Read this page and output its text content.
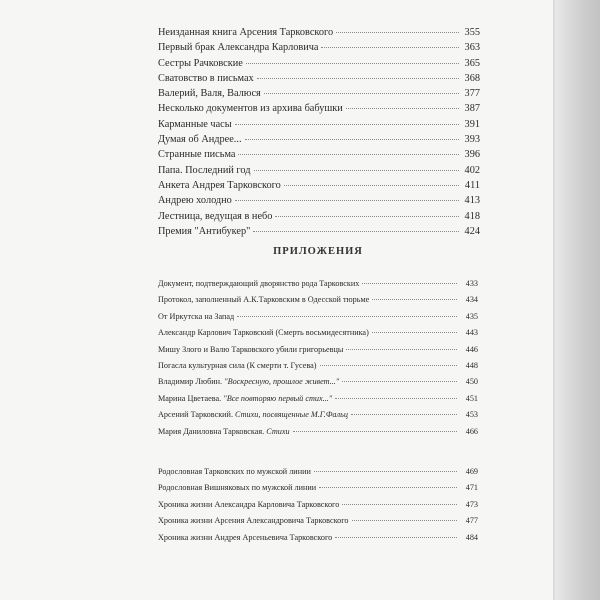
Неизданная книга Арсения Тарковского	355
Первый брак Александра Карловича	363
Сестры Рачковские	365
Сватовство в письмах	368
Валерий, Валя, Валюся	377
Несколько документов из архива бабушки	387
Карманные часы	391
Думая об Андрее...	393
Странные письма	396
Папа. Последний год	402
Анкета Андрея Тарковского	411
Андрею холодно	413
Лестница, ведущая в небо	418
Премия "Антибукер"	424
ПРИЛОЖЕНИЯ
Документ, подтверждающий дворянство рода Тарковских	433
Протокол, заполненный А.К.Тарковским в Одесской тюрьме	434
От Иркутска на Запад	435
Александр Карлович Тарковский (Смерть восьмидесятника)	443
Мишу Злого и Валю Тарковского убили григорьевцы	446
Погасла культурная сила (К смерти т. Гусева)	448
Владимир Любин. "Воскресную, прошлое живет..."	450
Марина Цветаева. "Все повторяю первый стих..."	451
Арсений Тарковский. Стихи, посвященные М.Г.Фальц	453
Мария Даниловна Тарковская. Стихи	466
Родословная Тарковских по мужской линии	469
Родословная Вишняковых по мужской линии	471
Хроника жизни Александра Карловича Тарковского	473
Хроника жизни Арсения Александровича Тарковского	477
Хроника жизни Андрея Арсеньевича Тарковского	484
